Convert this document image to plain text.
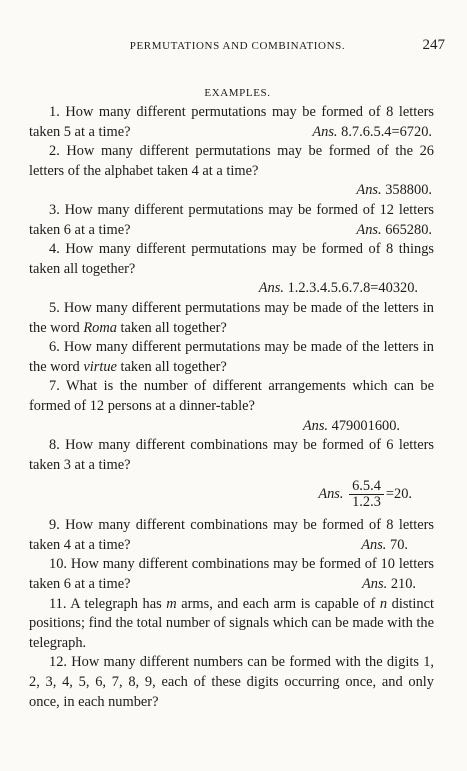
PERMUTATIONS AND COMBINATIONS.	247
EXAMPLES.

1. How many different permutations may be formed of 8 letters taken 5 at a time?	Ans. 8.7.6.5.4=6720.

2. How many different permutations may be formed of the 26 letters of the alphabet taken 4 at a time?

Ans. 358800.

3. How many different permutations may be formed of 12 letters taken 6 at a time?	Ans. 665280.

4. How many different permutations may be formed of 8 things taken all together?

Ans. 1.2.3.4.5.6.7.8=40320.

5. How many different permutations may be made of the letters in the word Roma taken all together?

6. How many different permutations may be made of the letters in the word virtue taken all together?

7. What is the number of different arrangements which can be formed of 12 persons at a dinner-table?

Ans. 479001600.

8. How many different combinations may be formed of 6 letters taken 3 at a time?

Ans. $\frac{6.5.4}{1.2.3} =20$.

9. How many different combinations may be formed of 8 letters taken 4 at a time?	Ans. 70.

10. How many different combinations may be formed of 10 letters taken 6 at a time?	Ans. 210.

11. A telegraph has m arms, and each arm is capable of n distinct positions; find the total number of signals which can be made with the telegraph.

12. How many different numbers can be formed with the digits 1, 2, 3, 4, 5, 6, 7, 8, 9, each of these digits occurring once, and only once, in each number?
